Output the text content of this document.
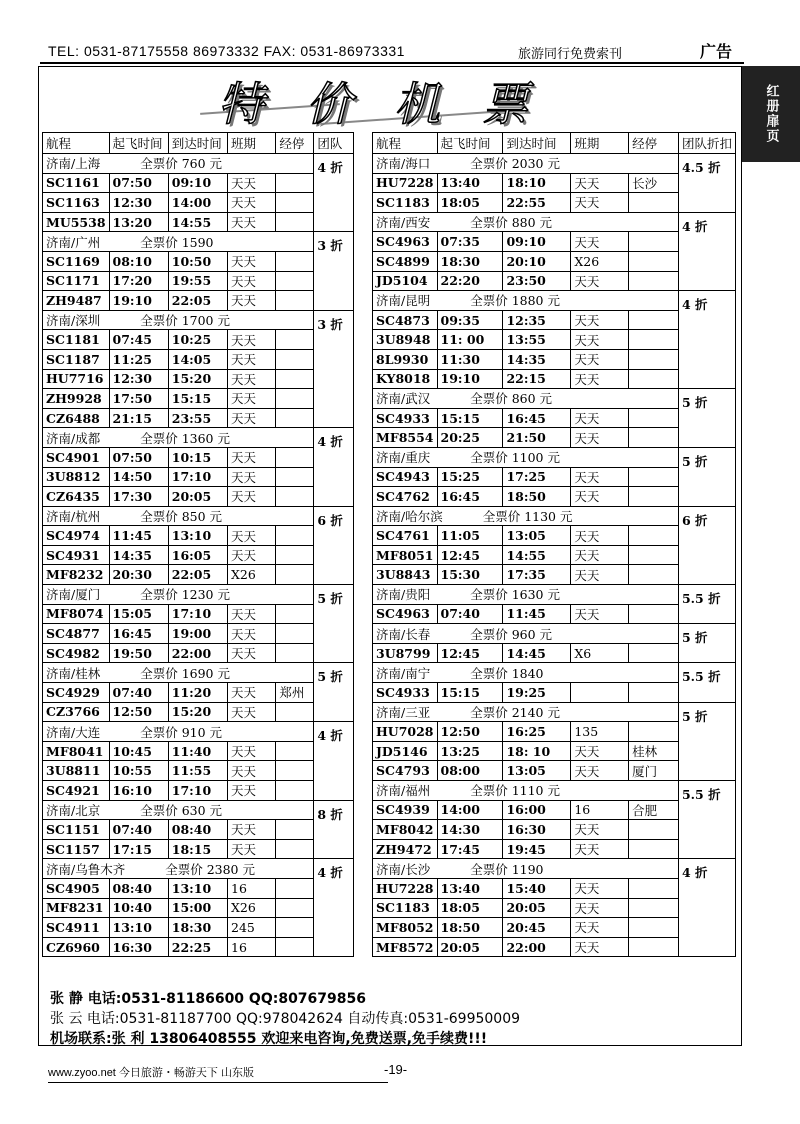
TEL: 0531-87175558 86973332 FAX: 0531-86973331	旅游同行免费索刊	广告
红册扉页
特价机票
航程	起飞时间	到达时间	班期	经停	团队
济南/上海 全票价 760 元					4 折
SC1161	07:50	09:10	天天		
SC1163	12:30	14:00	天天		
MU5538	13:20	14:55	天天		
济南/广州 全票价 1590					3 折
SC1169	08:10	10:50	天天		
SC1171	17:20	19:55	天天		
ZH9487	19:10	22:05	天天		
济南/深圳 全票价 1700 元					3 折
SC1181	07:45	10:25	天天		
SC1187	11:25	14:05	天天		
HU7716	12:30	15:20	天天		
ZH9928	17:50	15:15	天天		
CZ6488	21:15	23:55	天天		
济南/成都 全票价 1360 元					4 折
SC4901	07:50	10:15	天天		
3U8812	14:50	17:10	天天		
CZ6435	17:30	20:05	天天		
济南/杭州 全票价 850 元					6 折
SC4974	11:45	13:10	天天		
SC4931	14:35	16:05	天天		
MF8232	20:30	22:05	X26		
济南/厦门 全票价 1230 元					5 折
MF8074	15:05	17:10	天天		
SC4877	16:45	19:00	天天		
SC4982	19:50	22:00	天天		
济南/桂林 全票价 1690 元					5 折
SC4929	07:40	11:20	天天	郑州	
CZ3766	12:50	15:20	天天		
济南/大连 全票价 910 元					4 折
MF8041	10:45	11:40	天天		
3U8811	10:55	11:55	天天		
SC4921	16:10	17:10	天天		
济南/北京 全票价 630 元					8 折
SC1151	07:40	08:40	天天		
SC1157	17:15	18:15	天天		
济南/乌鲁木齐 全票价 2380 元					4 折
SC4905	08:40	13:10	16		
MF8231	10:40	15:00	X26		
SC4911	13:10	18:30	245		
CZ6960	16:30	22:25	16		
航程	起飞时间	到达时间	班期	经停	团队折扣
济南/海口 全票价 2030 元					4.5 折
HU7228	13:40	18:10	天天	长沙	
SC1183	18:05	22:55	天天		
济南/西安 全票价 880 元					4 折
SC4963	07:35	09:10	天天		
SC4899	18:30	20:10	X26		
JD5104	22:20	23:50	天天		
济南/昆明 全票价 1880 元					4 折
SC4873	09:35	12:35	天天		
3U8948	11: 00	13:55	天天		
8L9930	11:30	14:35	天天		
KY8018	19:10	22:15	天天		
济南/武汉 全票价 860 元					5 折
SC4933	15:15	16:45	天天		
MF8554	20:25	21:50	天天		
济南/重庆 全票价 1100 元					5 折
SC4943	15:25	17:25	天天		
SC4762	16:45	18:50	天天		
济南/哈尔滨 全票价 1130 元					6 折
SC4761	11:05	13:05	天天		
MF8051	12:45	14:55	天天		
3U8843	15:30	17:35	天天		
济南/贵阳 全票价 1630 元					5.5 折
SC4963	07:40	11:45	天天		
济南/长春 全票价 960 元					5 折
3U8799	12:45	14:45	X6		
济南/南宁 全票价 1840					5.5 折
SC4933	15:15	19:25			
济南/三亚 全票价 2140 元					5 折
HU7028	12:50	16:25	135		
JD5146	13:25	18: 10	天天	桂林	
SC4793	08:00	13:05	天天	厦门	
济南/福州 全票价 1110 元					5.5 折
SC4939	14:00	16:00	16	合肥	
MF8042	14:30	16:30	天天		
ZH9472	17:45	19:45	天天		
济南/长沙 全票价 1190					4 折
HU7228	13:40	15:40	天天		
SC1183	18:05	20:05	天天		
MF8052	18:50	20:45	天天		
MF8572	20:05	22:00	天天		
张 静 电话:0531-81186600 QQ:807679856
张 云 电话:0531-81187700 QQ:978042624 自动传真:0531-69950009
机场联系:张 利 13806408555 欢迎来电咨询,免费送票,免手续费!!!
www.zyoo.net 今日旅游・畅游天下 山东版	-19-
